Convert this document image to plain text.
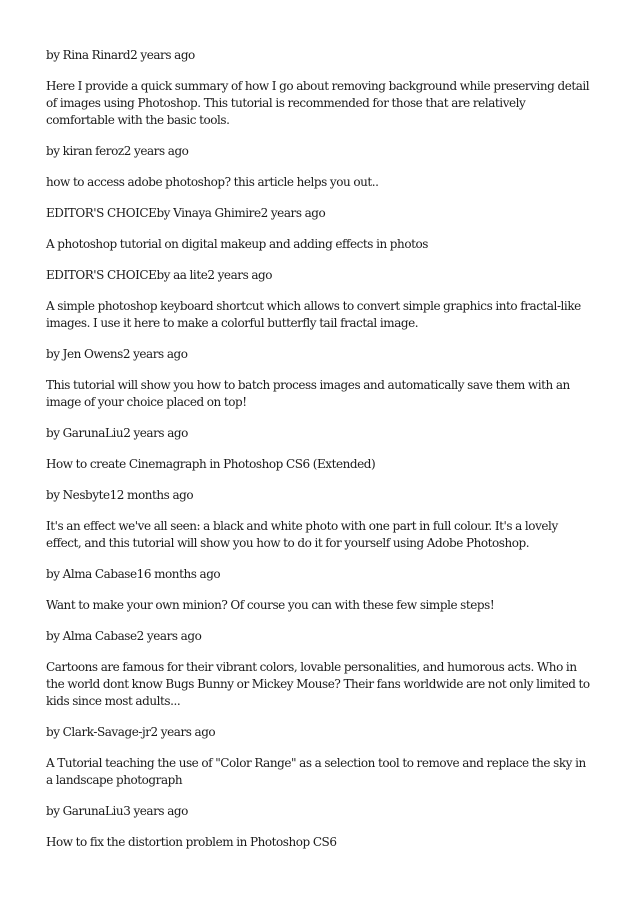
by Rina Rinard2 years ago

Here I provide a quick summary of how I go about removing background while preserving detail of images using Photoshop. This tutorial is recommended for those that are relatively comfortable with the basic tools.

by kiran feroz2 years ago

how to access adobe photoshop? this article helps you out..

EDITOR'S CHOICEby Vinaya Ghimire2 years ago

A photoshop tutorial on digital makeup and adding effects in photos

EDITOR'S CHOICEby aa lite2 years ago

A simple photoshop keyboard shortcut which allows to convert simple graphics into fractal-like images. I use it here to make a colorful butterfly tail fractal image.

by Jen Owens2 years ago

This tutorial will show you how to batch process images and automatically save them with an image of your choice placed on top!

by GarunaLiu2 years ago

How to create Cinemagraph in Photoshop CS6 (Extended)

by Nesbyte12 months ago

It's an effect we've all seen: a black and white photo with one part in full colour. It's a lovely effect, and this tutorial will show you how to do it for yourself using Adobe Photoshop.

by Alma Cabase16 months ago

Want to make your own minion? Of course you can with these few simple steps!

by Alma Cabase2 years ago

Cartoons are famous for their vibrant colors, lovable personalities, and humorous acts. Who in the world dont know Bugs Bunny or Mickey Mouse? Their fans worldwide are not only limited to kids since most adults...

by Clark-Savage-jr2 years ago

A Tutorial teaching the use of "Color Range" as a selection tool to remove and replace the sky in a landscape photograph

by GarunaLiu3 years ago

How to fix the distortion problem in Photoshop CS6
